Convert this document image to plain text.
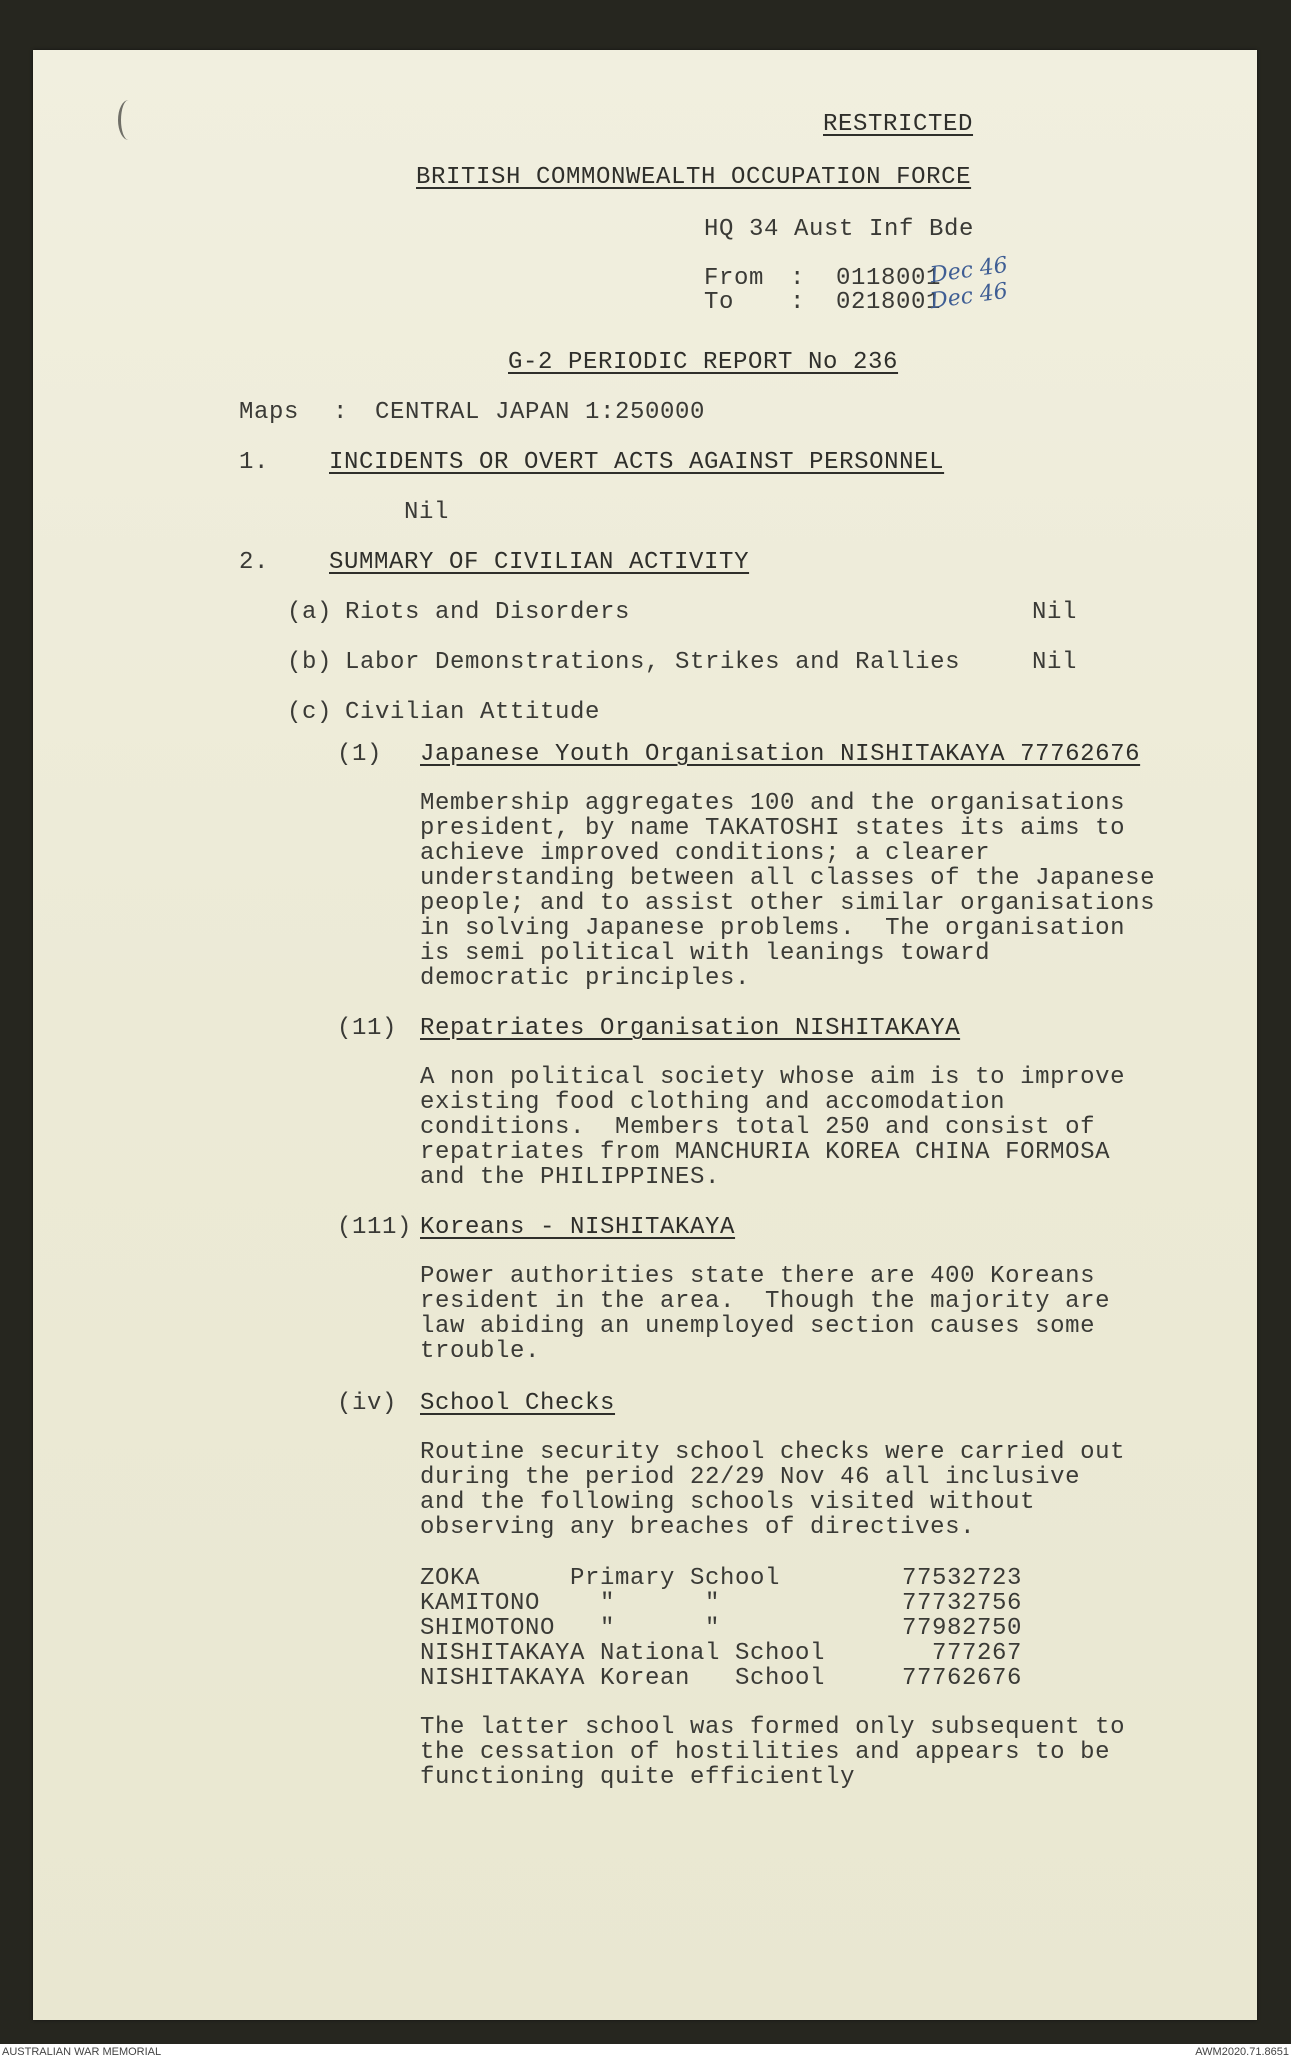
RESTRICTED
BRITISH COMMONWEALTH OCCUPATION FORCE
HQ 34 Aust Inf Bde
From : 0118001
Dec 46
To : 0218001
Dec 46
G-2 PERIODIC REPORT No 236
Maps : CENTRAL JAPAN 1:250000
1. INCIDENTS OR OVERT ACTS AGAINST PERSONNEL
Nil
2. SUMMARY OF CIVILIAN ACTIVITY
(a) Riots and Disorders	Nil
(b) Labor Demonstrations, Strikes and Rallies	Nil
(c) Civilian Attitude
(1) Japanese Youth Organisation NISHITAKAYA 77762676
Membership aggregates 100 and the organisations
president, by name TAKATOSHI states its aims to
achieve improved conditions; a clearer
understanding between all classes of the Japanese
people; and to assist other similar organisations
in solving Japanese problems.  The organisation
is semi political with leanings toward
democratic principles.
(11) Repatriates Organisation NISHITAKAYA
A non political society whose aim is to improve
existing food clothing and accomodation
conditions.  Members total 250 and consist of
repatriates from MANCHURIA KOREA CHINA FORMOSA
and the PHILIPPINES.
(111) Koreans - NISHITAKAYA
Power authorities state there are 400 Koreans
resident in the area.  Though the majority are
law abiding an unemployed section causes some
trouble.
(iv) School Checks
Routine security school checks were carried out
during the period 22/29 Nov 46 all inclusive
and the following schools visited without
observing any breaches of directives.
ZOKA      Primary School	77532723
KAMITONO    "      "	77732756
SHIMOTONO   "      "	77982750
NISHITAKAYA National School	777267
NISHITAKAYA Korean   School	77762676
The latter school was formed only subsequent to
the cessation of hostilities and appears to be
functioning quite efficiently
AUSTRALIAN WAR MEMORIAL	AWM2020.71.8651
